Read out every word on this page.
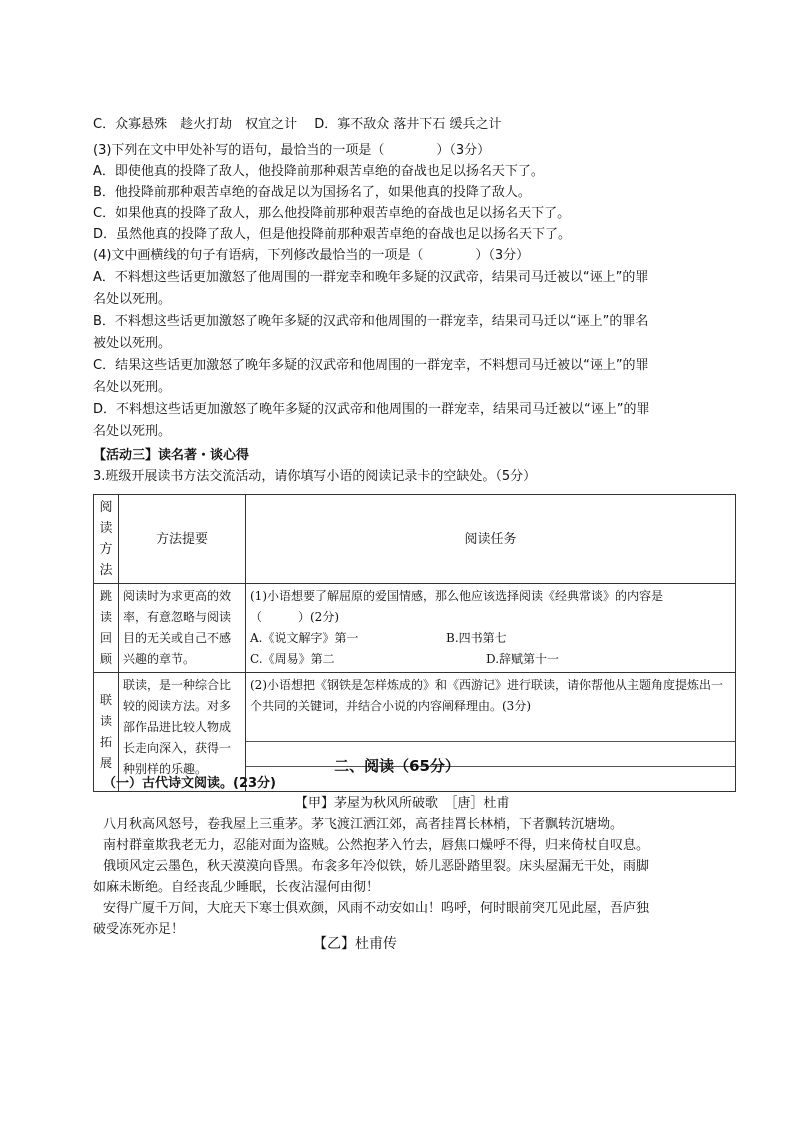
C．众寡悬殊　趁火打劫　权宜之计　 D．寡不敌众 落井下石 缓兵之计
(3)下列在文中甲处补写的语句，最恰当的一项是（　　　　）（3分）
A．即使他真的投降了敌人，他投降前那种艰苦卓绝的奋战也足以扬名天下了。
B．他投降前那种艰苦卓绝的奋战足以为国扬名了，如果他真的投降了敌人。
C．如果他真的投降了敌人，那么他投降前那种艰苦卓绝的奋战也足以扬名天下了。
D．虽然他真的投降了敌人，但是他投降前那种艰苦卓绝的奋战也足以扬名天下了。
(4)文中画横线的句子有语病，下列修改最恰当的一项是（　　　　）（3分）
A．不料想这些话更加激怒了他周围的一群宠幸和晚年多疑的汉武帝，结果司马迁被以“诬上”的罪
名处以死刑。
B．不料想这些话更加激怒了晚年多疑的汉武帝和他周围的一群宠幸，结果司马迁以“诬上”的罪名
被处以死刑。
C．结果这些话更加激怒了晚年多疑的汉武帝和他周围的一群宠幸，不料想司马迁被以“诬上”的罪
名处以死刑。
D．不料想这些话更加激怒了晚年多疑的汉武帝和他周围的一群宠幸，结果司马迁被以“诬上”的罪
名处以死刑。
【活动三】读名著・谈心得
3.班级开展读书方法交流活动，请你填写小语的阅读记录卡的空缺处。（5分）
阅读方法	方法提要	阅读任务
跳读回顾	阅读时为求更高的效率，有意忽略与阅读目的无关或自己不感兴趣的章节。	(1)小语想要了解屈原的爱国情感，那么他应该选择阅读《经典常谈》的内容是
（　　　）(2分)
A.《说文解字》第一 B.四书第七
C.《周易》第二 D.辞赋第十一

联读拓展	联读，是一种综合比较的阅读方法。对多部作品进比较人物成长走向深入，获得一种别样的乐趣。	(2)小语想把《钢铁是怎样炼成的》和《西游记》进行联读，请你帮他从主题角度提炼出一个共同的关键词，并结合小说的内容阐释理由。(3分)
二、阅读（65分）
（一）古代诗文阅读。(23分)
【甲】茅屋为秋风所破歌　［唐］杜甫
八月秋高风怒号，卷我屋上三重茅。茅飞渡江洒江郊，高者挂罥长林梢，下者飘转沉塘坳。
南村群童欺我老无力，忍能对面为盗贼。公然抱茅入竹去，唇焦口燥呼不得，归来倚杖自叹息。
俄顷风定云墨色，秋天漠漠向昏黑。布衾多年冷似铁，娇儿恶卧踏里裂。床头屋漏无干处，雨脚
如麻未断绝。自经丧乱少睡眠，长夜沾湿何由彻！
安得广厦千万间，大庇天下寒士俱欢颜，风雨不动安如山！呜呼，何时眼前突兀见此屋，吾庐独
破受冻死亦足！
【乙】杜甫传
